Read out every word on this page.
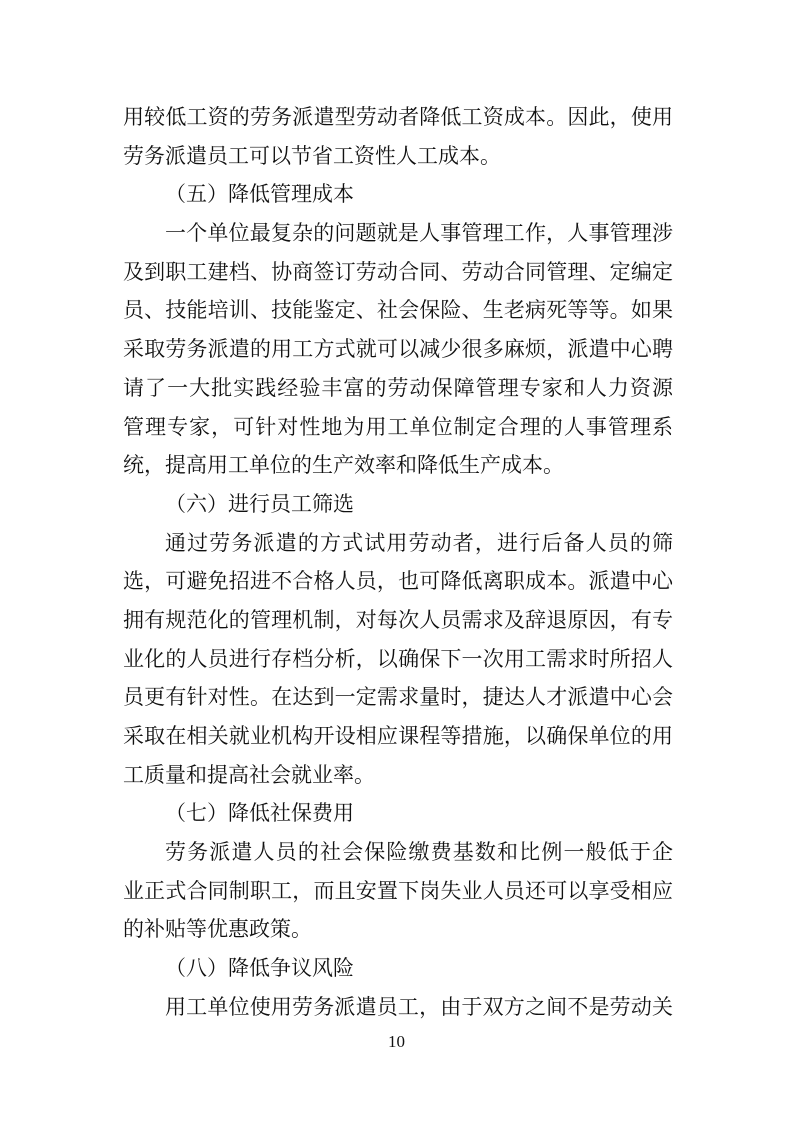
用较低工资的劳务派遣型劳动者降低工资成本。因此，使用
劳务派遣员工可以节省工资性人工成本。
（五）降低管理成本
一个单位最复杂的问题就是人事管理工作，人事管理涉
及到职工建档、协商签订劳动合同、劳动合同管理、定编定
员、技能培训、技能鉴定、社会保险、生老病死等等。如果
采取劳务派遣的用工方式就可以减少很多麻烦，派遣中心聘
请了一大批实践经验丰富的劳动保障管理专家和人力资源
管理专家，可针对性地为用工单位制定合理的人事管理系
统，提高用工单位的生产效率和降低生产成本。
（六）进行员工筛选
通过劳务派遣的方式试用劳动者，进行后备人员的筛
选，可避免招进不合格人员，也可降低离职成本。派遣中心
拥有规范化的管理机制，对每次人员需求及辞退原因，有专
业化的人员进行存档分析，以确保下一次用工需求时所招人
员更有针对性。在达到一定需求量时，捷达人才派遣中心会
采取在相关就业机构开设相应课程等措施，以确保单位的用
工质量和提高社会就业率。
（七）降低社保费用
劳务派遣人员的社会保险缴费基数和比例一般低于企
业正式合同制职工，而且安置下岗失业人员还可以享受相应
的补贴等优惠政策。
（八）降低争议风险
用工单位使用劳务派遣员工，由于双方之间不是劳动关
10
